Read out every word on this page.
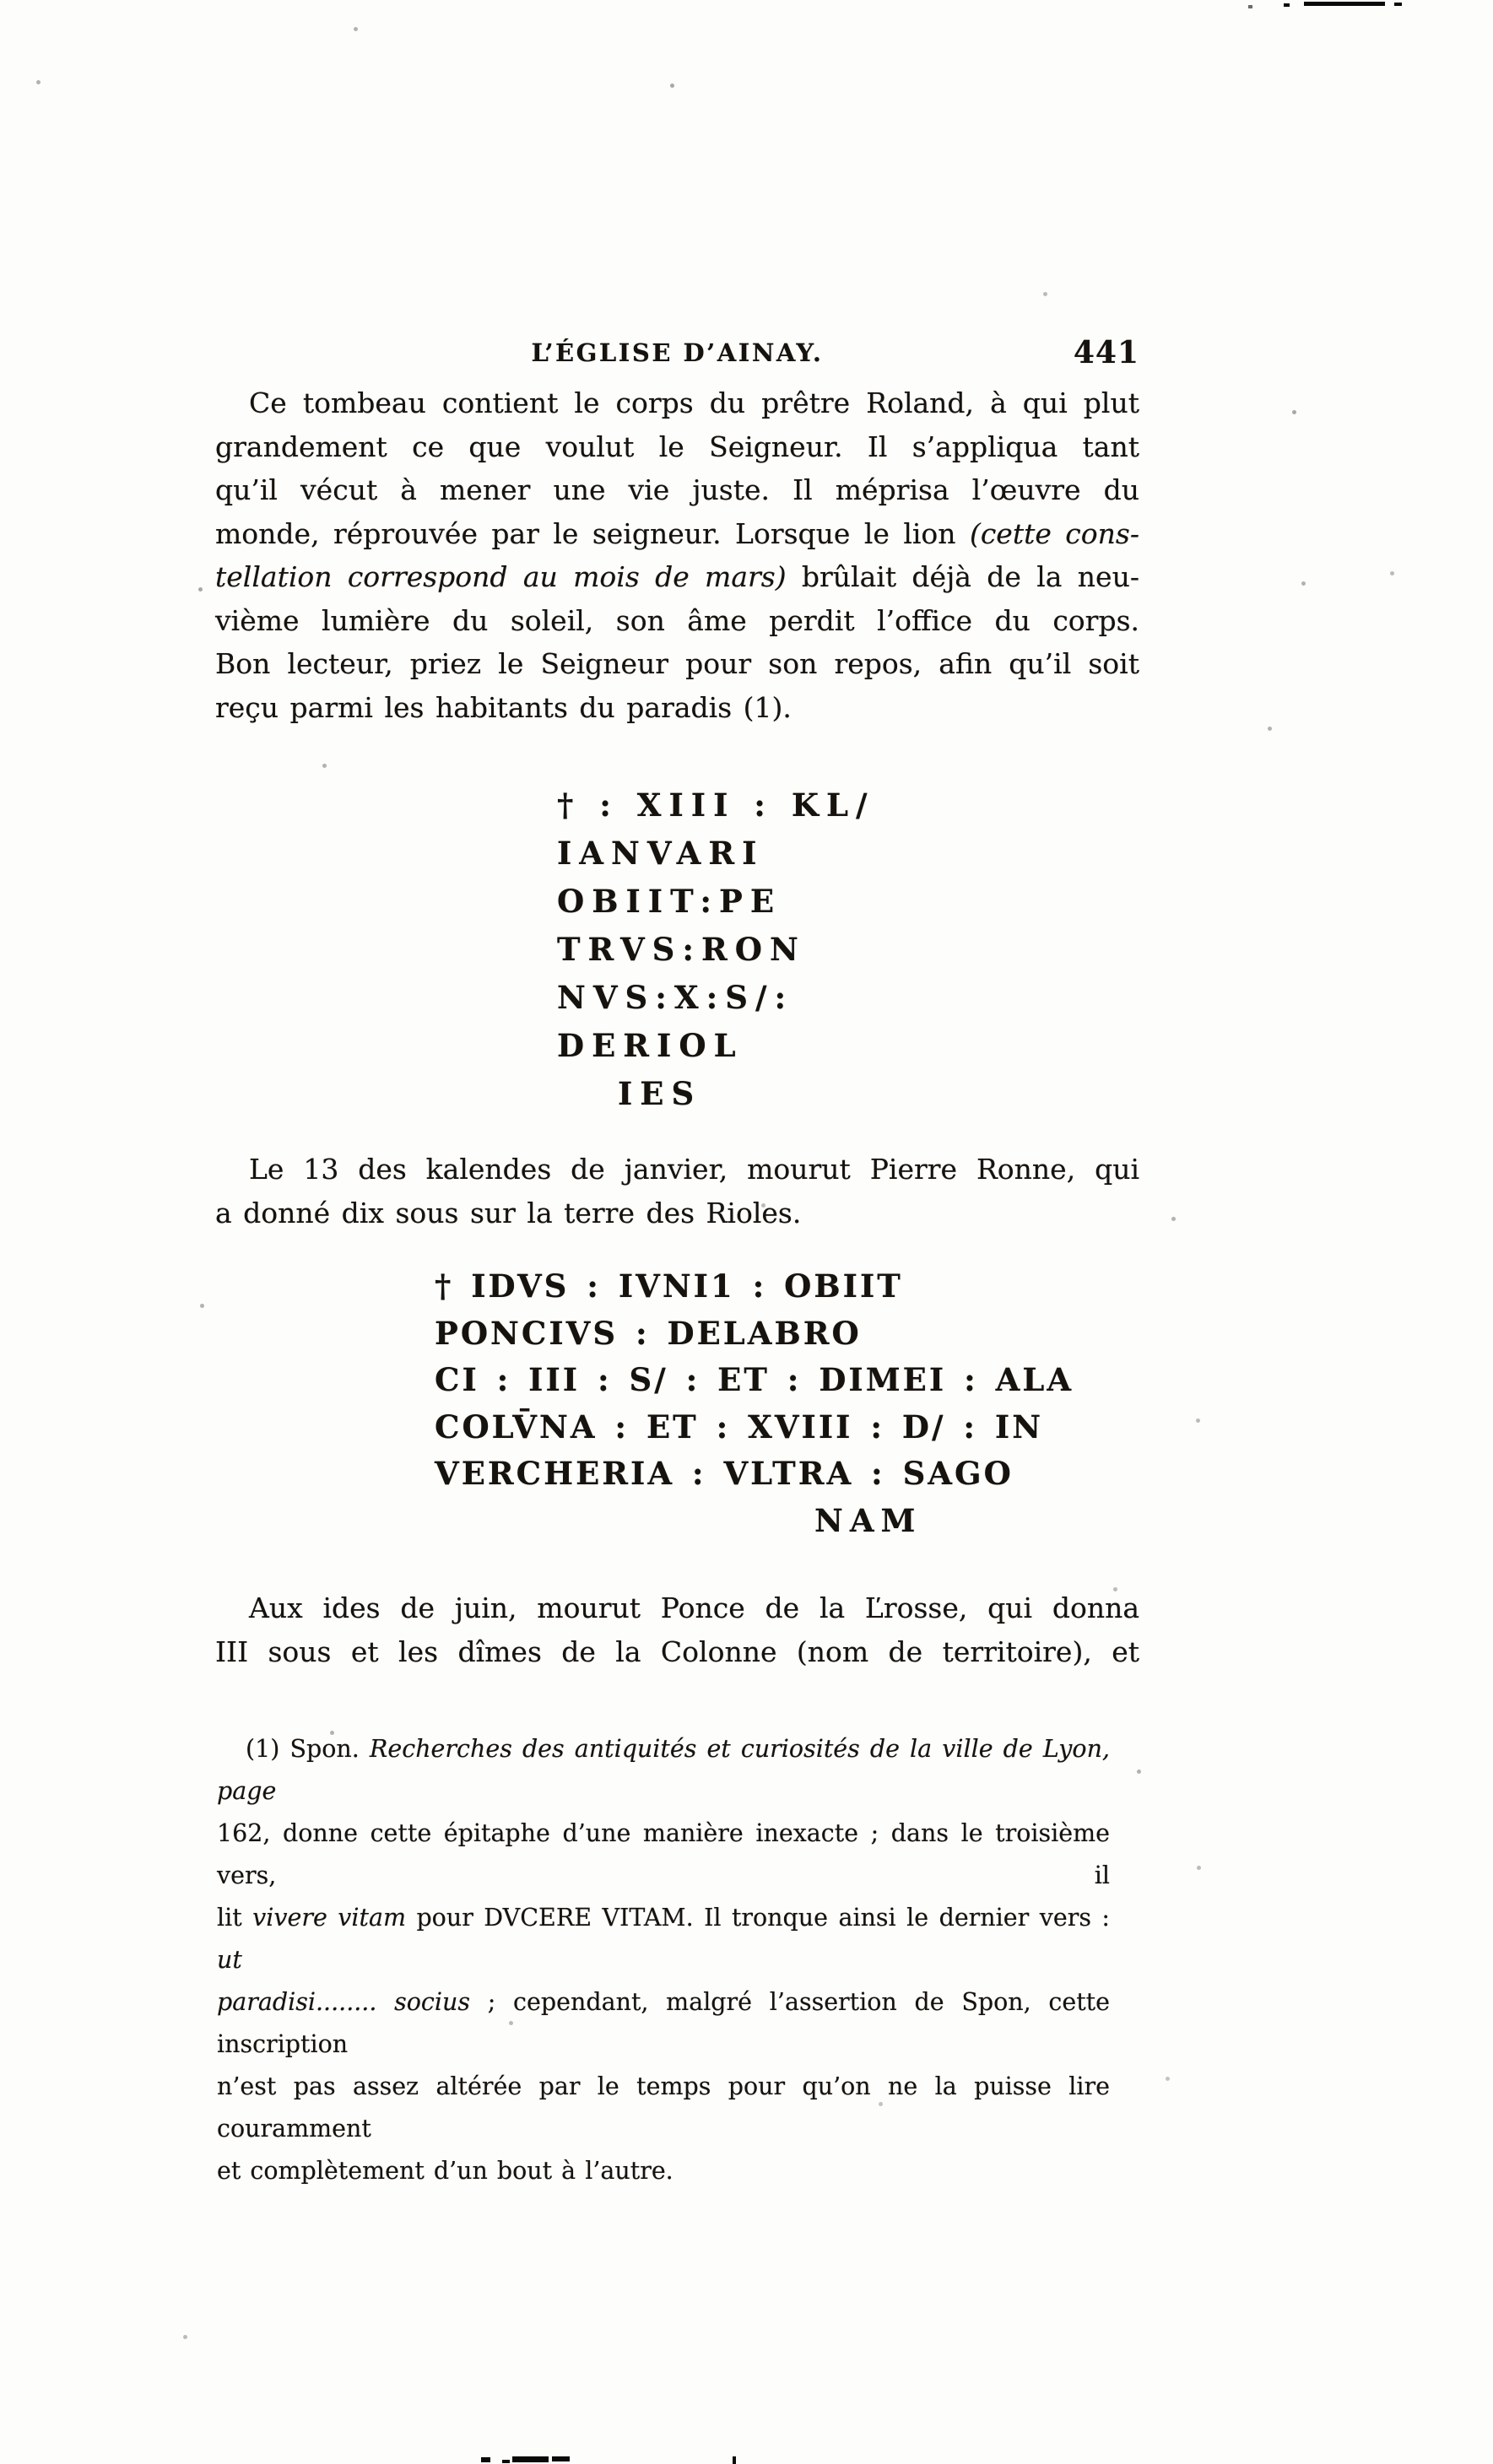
L’ÉGLISE D’AINAY.	441
Ce tombeau contient le corps du prêtre Roland, à qui plut
grandement ce que voulut le Seigneur. Il s’appliqua tant
qu’il vécut à mener une vie juste. Il méprisa l’œuvre du
monde, réprouvée par le seigneur. Lorsque le lion (cette cons-
tellation correspond au mois de mars) brûlait déjà de la neu-
vième lumière du soleil, son âme perdit l’office du corps.
Bon lecteur, priez le Seigneur pour son repos, afin qu’il soit
reçu parmi les habitants du paradis (1).
† : XIII : KL/
IANVARI
OBIIT:PE
TRVS:RON
NVS:X:S/:
DERIOL
IES
Le 13 des kalendes de janvier, mourut Pierre Ronne, qui
a donné dix sous sur la terre des Rioles.
† IDVS : IVNI1 : OBIIT
PONCIVS : DELABRO
CI : III : S/ : ET : DIMEI : ALA
COLV̄NA : ET : XVIII : D/ : IN
VERCHERIA : VLTRA : SAGO
NAM
Aux ides de juin, mourut Ponce de la Ľrosse, qui donna
III sous et les dîmes de la Colonne (nom de territoire), et
(1) Spon. Recherches des antiquités et curiosités de la ville de Lyon, page
162, donne cette épitaphe d’une manière inexacte ; dans le troisième vers, il
lit vivere vitam pour DVCERE VITAM. Il tronque ainsi le dernier vers : ut
paradisi........ socius ; cependant, malgré l’assertion de Spon, cette inscription
n’est pas assez altérée par le temps pour qu’on ne la puisse lire couramment
et complètement d’un bout à l’autre.
